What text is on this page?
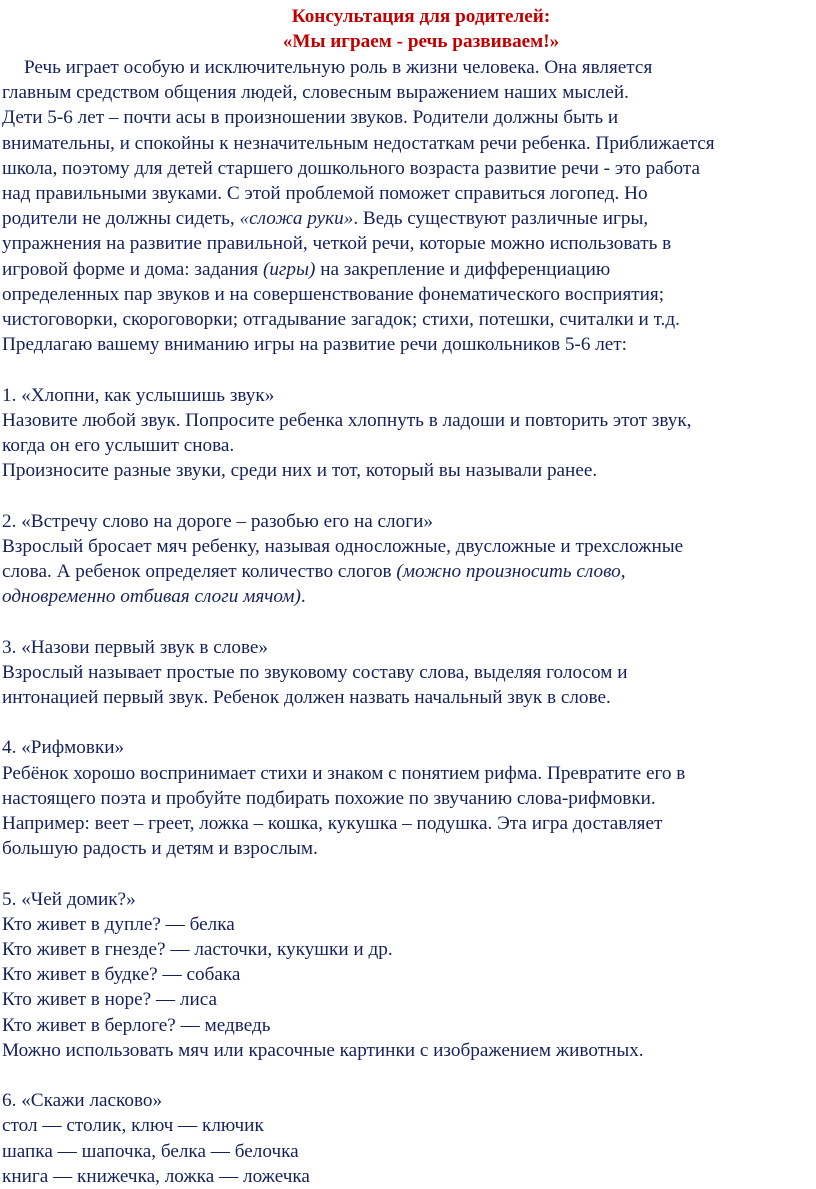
Консультация для родителей:
«Мы играем - речь развиваем!»
Речь играет особую и исключительную роль в жизни человека. Она является
главным средством общения людей, словесным выражением наших мыслей.
Дети 5-6 лет – почти асы в произношении звуков. Родители должны быть и
внимательны, и спокойны к незначительным недостаткам речи ребенка. Приближается
школа, поэтому для детей старшего дошкольного возраста развитие речи - это работа
над правильными звуками. С этой проблемой поможет справиться логопед. Но
родители не должны сидеть, «сложа руки». Ведь существуют различные игры,
упражнения на развитие правильной, четкой речи, которые можно использовать в
игровой форме и дома: задания (игры) на закрепление и дифференциацию
определенных пар звуков и на совершенствование фонематического восприятия;
чистоговорки, скороговорки; отгадывание загадок; стихи, потешки, считалки и т.д.
Предлагаю вашему вниманию игры на развитие речи дошкольников 5-6 лет:
1. «Хлопни, как услышишь звук»
Назовите любой звук. Попросите ребенка хлопнуть в ладоши и повторить этот звук,
когда он его услышит снова.
Произносите разные звуки, среди них и тот, который вы называли ранее.
2. «Встречу слово на дороге – разобью его на слоги»
Взрослый бросает мяч ребенку, называя односложные, двусложные и трехсложные
слова. А ребенок определяет количество слогов (можно произносить слово,
одновременно отбивая слоги мячом).
3. «Назови первый звук в слове»
Взрослый называет простые по звуковому составу слова, выделяя голосом и
интонацией первый звук. Ребенок должен назвать начальный звук в слове.
4. «Рифмовки»
Ребёнок хорошо воспринимает стихи и знаком с понятием рифма. Превратите его в
настоящего поэта и пробуйте подбирать похожие по звучанию слова-рифмовки.
Например: веет – греет, ложка – кошка, кукушка – подушка. Эта игра доставляет
большую радость и детям и взрослым.
5. «Чей домик?»
Кто живет в дупле? — белка
Кто живет в гнезде? — ласточки, кукушки и др.
Кто живет в будке? — собака
Кто живет в норе? — лиса
Кто живет в берлоге? — медведь
Можно использовать мяч или красочные картинки с изображением животных.
6. «Скажи ласково»
стол — столик, ключ — ключик
шапка — шапочка, белка — белочка
книга — книжечка, ложка — ложечка
